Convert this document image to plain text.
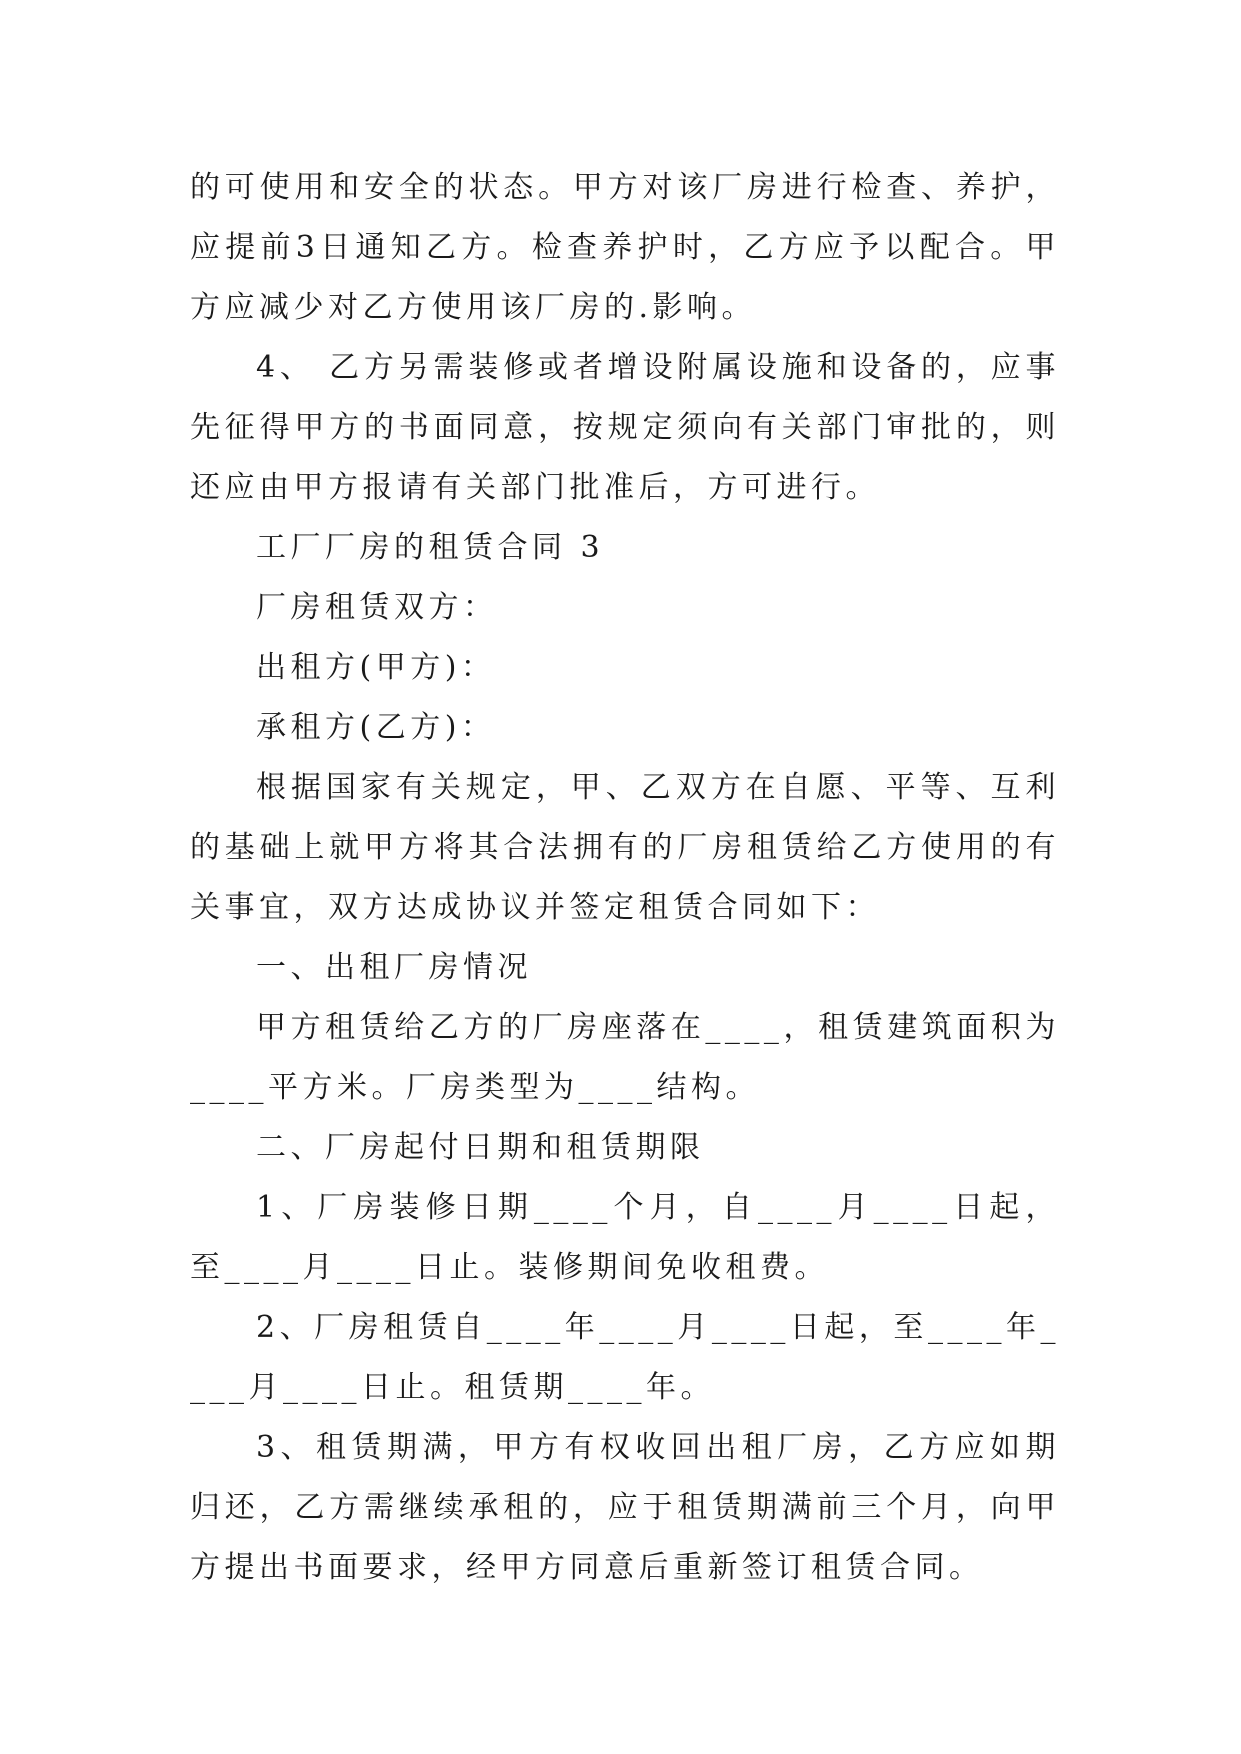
的可使用和安全的状态。甲方对该厂房进行检查、养护，应提前3日通知乙方。检查养护时，乙方应予以配合。甲方应减少对乙方使用该厂房的.影响。

4、 乙方另需装修或者增设附属设施和设备的，应事先征得甲方的书面同意，按规定须向有关部门审批的，则还应由甲方报请有关部门批准后，方可进行。

工厂厂房的租赁合同 3

厂房租赁双方：

出租方(甲方)：

承租方(乙方)：

根据国家有关规定，甲、乙双方在自愿、平等、互利的基础上就甲方将其合法拥有的厂房租赁给乙方使用的有关事宜，双方达成协议并签定租赁合同如下：

一、出租厂房情况

甲方租赁给乙方的厂房座落在____，租赁建筑面积为____平方米。厂房类型为____结构。

二、厂房起付日期和租赁期限

1、厂房装修日期____个月，自____月____日起，至____月____日止。装修期间免收租费。

2、厂房租赁自____年____月____日起，至____年____月____日止。租赁期____年。

3、租赁期满，甲方有权收回出租厂房，乙方应如期归还，乙方需继续承租的，应于租赁期满前三个月，向甲方提出书面要求，经甲方同意后重新签订租赁合同。
